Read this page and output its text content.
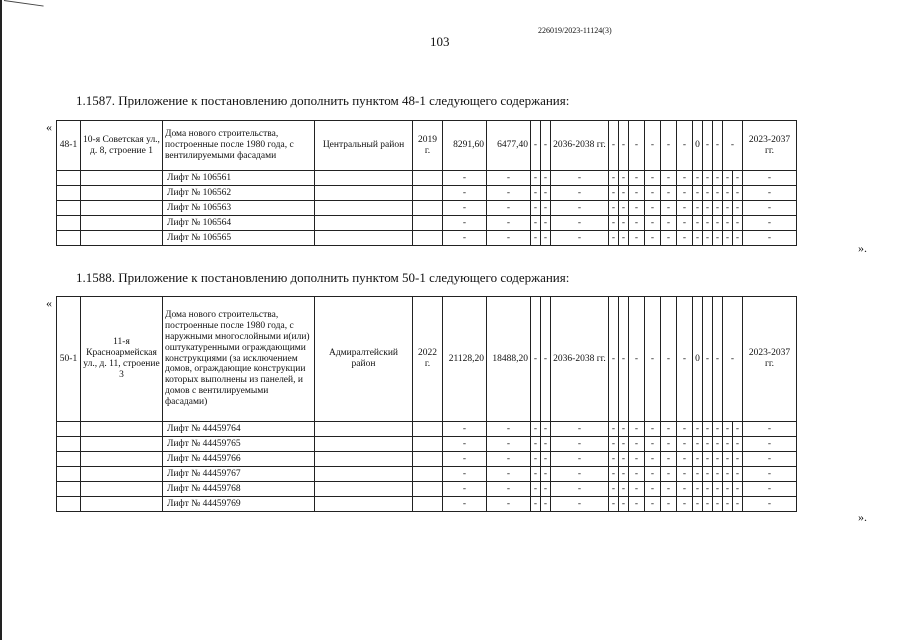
226019/2023-11124(3)
103
1.1587. Приложение к постановлению дополнить пунктом 48-1 следующего содержания:
«
».
48-1	10-я Советская ул., д. 8, строение 1	Дома нового строительства, построенные после 1980 года, с вентилируемыми фасадами	Центральный район	2019 г.	8291,60	6477,40	-	-	2036-2038 гг.	-	-	-	-	-	-	0	-	-	-		2023-2037 гг.
		Лифт № 106561			-	-	-	-	-	-	-	-	-	-	-	-	-	-	-	-	-
		Лифт № 106562			-	-	-	-	-	-	-	-	-	-	-	-	-	-	-	-	-
		Лифт № 106563			-	-	-	-	-	-	-	-	-	-	-	-	-	-	-	-	-
		Лифт № 106564			-	-	-	-	-	-	-	-	-	-	-	-	-	-	-	-	-
		Лифт № 106565			-	-	-	-	-	-	-	-	-	-	-	-	-	-	-	-	-
1.1588. Приложение к постановлению дополнить пунктом 50-1 следующего содержания:
«
».
50-1	11-я Красноармейская ул., д. 11, строение 3	Дома нового строительства, построенные после 1980 года, с наружными многослойными и(или) оштукатуренными ограждающими конструкциями (за исключением домов, ограждающие конструкции которых выполнены из панелей, и домов с вентилируемыми фасадами)	Адмиралтейский район	2022 г.	21128,20	18488,20	-	-	2036-2038 гг.	-	-	-	-	-	-	0	-	-	-		2023-2037 гг.
		Лифт № 44459764			-	-	-	-	-	-	-	-	-	-	-	-	-	-	-	-	-
		Лифт № 44459765			-	-	-	-	-	-	-	-	-	-	-	-	-	-	-	-	-
		Лифт № 44459766			-	-	-	-	-	-	-	-	-	-	-	-	-	-	-	-	-
		Лифт № 44459767			-	-	-	-	-	-	-	-	-	-	-	-	-	-	-	-	-
		Лифт № 44459768			-	-	-	-	-	-	-	-	-	-	-	-	-	-	-	-	-
		Лифт № 44459769			-	-	-	-	-	-	-	-	-	-	-	-	-	-	-	-	-
